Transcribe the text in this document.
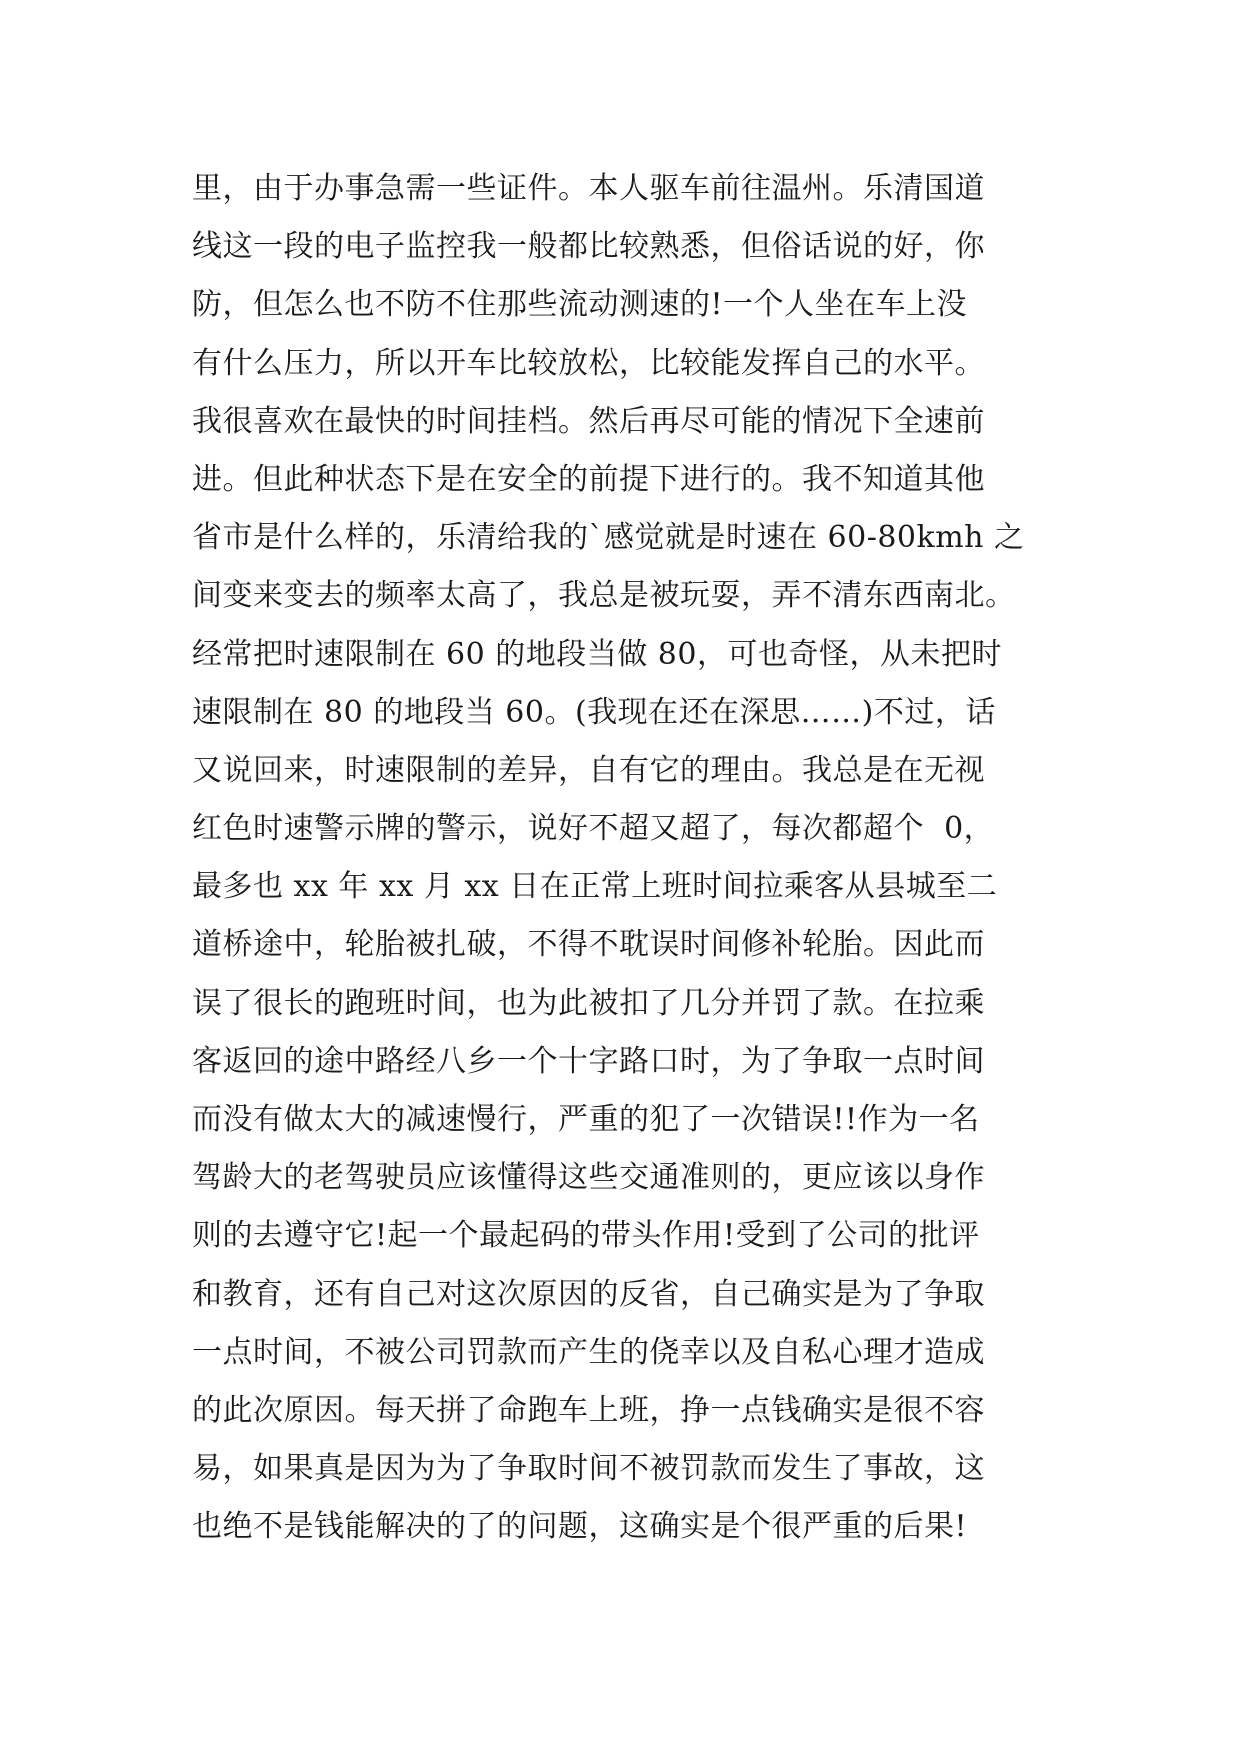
里，由于办事急需一些证件。本人驱车前往温州。乐清国道
线这一段的电子监控我一般都比较熟悉，但俗话说的好，你
防，但怎么也不防不住那些流动测速的!一个人坐在车上没
有什么压力，所以开车比较放松，比较能发挥自己的水平。
我很喜欢在最快的时间挂档。然后再尽可能的情况下全速前
进。但此种状态下是在安全的前提下进行的。我不知道其他
省市是什么样的，乐清给我的`感觉就是时速在 60-80kmh 之
间变来变去的频率太高了，我总是被玩耍，弄不清东西南北。
经常把时速限制在 60 的地段当做 80，可也奇怪，从未把时
速限制在 80 的地段当 60。(我现在还在深思……)不过，话
又说回来，时速限制的差异，自有它的理由。我总是在无视
红色时速警示牌的警示，说好不超又超了，每次都超个  0，
最多也 xx 年 xx 月 xx 日在正常上班时间拉乘客从县城至二
道桥途中，轮胎被扎破，不得不耽误时间修补轮胎。因此而
误了很长的跑班时间，也为此被扣了几分并罚了款。在拉乘
客返回的途中路经八乡一个十字路口时，为了争取一点时间
而没有做太大的减速慢行，严重的犯了一次错误!!作为一名
驾龄大的老驾驶员应该懂得这些交通准则的，更应该以身作
则的去遵守它!起一个最起码的带头作用!受到了公司的批评
和教育，还有自己对这次原因的反省，自己确实是为了争取
一点时间，不被公司罚款而产生的侥幸以及自私心理才造成
的此次原因。每天拼了命跑车上班，挣一点钱确实是很不容
易，如果真是因为为了争取时间不被罚款而发生了事故，这
也绝不是钱能解决的了的问题，这确实是个很严重的后果!
